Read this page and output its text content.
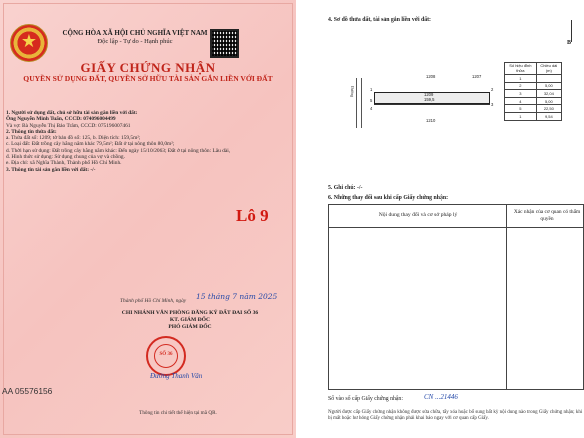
★	CỘNG HÒA XÃ HỘI CHỦ NGHĨA VIỆT NAM
Độc lập - Tự do - Hạnh phúc
GIẤY CHỨNG NHẬN
QUYỀN SỬ DỤNG ĐẤT, QUYỀN SỞ HỮU TÀI SẢN GẮN LIỀN VỚI ĐẤT
1. Người sử dụng đất, chủ sở hữu tài sản gắn liền với đất:
Ông Nguyễn Minh Tuấn, CCCD: 074096004499
Và vợ: Bà Nguyễn Thị Bảo Trâm, CCCD: 075196007461
2. Thông tin thửa đất:
a. Thửa đất số: 1209; tờ bản đồ số: 125, b. Diện tích: 159,5m²;
c. Loại đất: Đất trồng cây hằng năm khác 79,5m²; Đất ở tại nông thôn 80,0m²;
d. Thời hạn sử dụng: Đất trồng cây hằng năm khác: Đến ngày 15/10/2063; Đất ở tại nông thôn: Lâu dài,
đ. Hình thức sử dụng: Sử dụng chung của vợ và chồng.
e. Địa chỉ: xã Nghĩa Thành, Thành phố Hồ Chí Minh.
3. Thông tin tài sản gắn liền với đất: -/-
Lô 9
Thành phố Hồ Chí Minh, ngày 15 tháng 7 năm 2025
CHI NHÁNH VĂN PHÒNG ĐĂNG KÝ ĐẤT ĐAI SỐ 36
KT. GIÁM ĐỐC
PHÓ GIÁM ĐỐC
SỐ 36
Đường Thanh Vân
AA 05576156
Thông tin chi tiết thể hiện tại mã QR.
4. Sơ đồ thửa đất, tài sản gắn liền với đất:
B
Đường
1208	1207
1209
159,5
1210
1	2
3
4
5
Số hiệu đỉnh thửa	Chiều dài (m)
1	
2	5,00
3	32,04
4	5,00
5	22,50
1	9,54
5. Ghi chú: -/-
6. Những thay đổi sau khi cấp Giấy chứng nhận:
Nội dung thay đổi và cơ sở pháp lý	Xác nhận của cơ quan có thẩm quyền
Số vào sổ cấp Giấy chứng nhận:	CN ...21446
Người được cấp Giấy chứng nhận không được sửa chữa, tẩy xóa hoặc bổ sung bất kỳ nội dung nào trong Giấy chứng nhận; khi bị mất hoặc hư hỏng Giấy chứng nhận phải khai báo ngay với cơ quan cấp Giấy.
